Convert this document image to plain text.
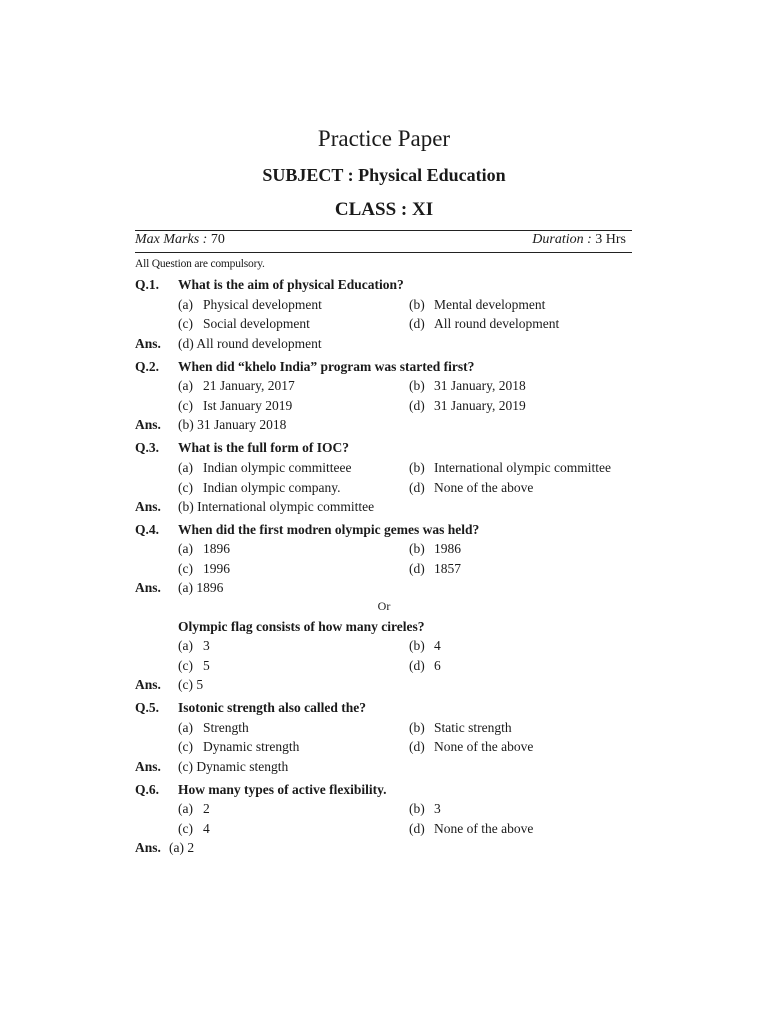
Practice Paper
SUBJECT : Physical Education
CLASS : XI
Max Marks : 70	Duration : 3 Hrs
All Question are compulsory.
Q.1. What is the aim of physical Education?
(a) Physical development	(b) Mental development
(c) Social development	(d) All round development
Ans. (d) All round development
Q.2. When did “khelo India” program was started first?
(a) 21 January, 2017	(b) 31 January, 2018
(c) Ist January 2019	(d) 31 January, 2019
Ans. (b) 31 January 2018
Q.3. What is the full form of IOC?
(a) Indian olympic committeee	(b) International olympic committee
(c) Indian olympic company.	(d) None of the above
Ans. (b) International olympic committee
Q.4. When did the first modren olympic gemes was held?
(a) 1896	(b) 1986
(c) 1996	(d) 1857
Ans. (a) 1896
Or
Olympic flag consists of how many cireles?
(a) 3	(b) 4
(c) 5	(d) 6
Ans. (c) 5
Q.5. Isotonic strength also called the?
(a) Strength	(b) Static strength
(c) Dynamic strength	(d) None of the above
Ans. (c) Dynamic stength
Q.6. How many types of active flexibility.
(a) 2	(b) 3
(c) 4	(d) None of the above
Ans. (a) 2
